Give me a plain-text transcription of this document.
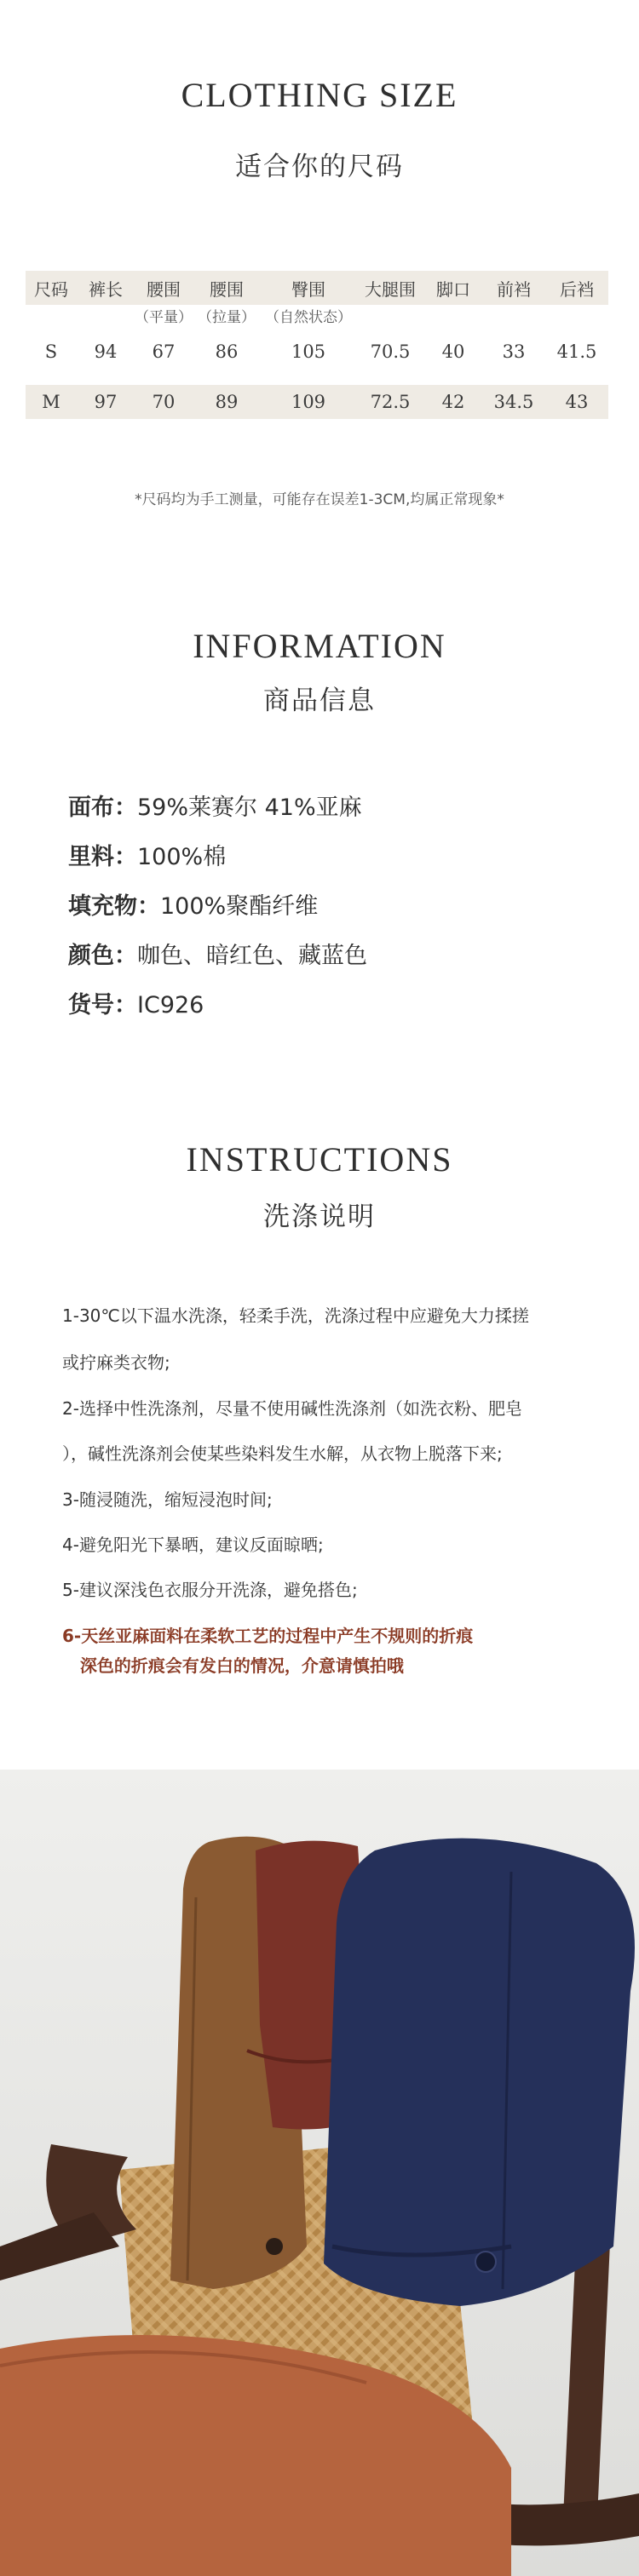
CLOTHING SIZE
适合你的尺码
尺码	裤长	腰围	腰围	臀围	大腿围	脚口	前裆	后裆
		（平量）	（拉量）	（自然状态）				
S	94	67	86	105	70.5	40	33	41.5

M	97	70	89	109	72.5	42	34.5	43
*尺码均为手工测量，可能存在误差1-3CM,均属正常现象*
INFORMATION
商品信息
面布：59%莱赛尔 41%亚麻
里料：100%棉
填充物：100%聚酯纤维
颜色：咖色、暗红色、藏蓝色
货号：IC926
INSTRUCTIONS
洗涤说明
1-30℃以下温水洗涤，轻柔手洗，洗涤过程中应避免大力揉搓
或拧麻类衣物;
2-选择中性洗涤剂，尽量不使用碱性洗涤剂（如洗衣粉、肥皂
），碱性洗涤剂会使某些染料发生水解，从衣物上脱落下来;
3-随浸随洗，缩短浸泡时间;
4-避免阳光下暴晒，建议反面晾晒;
5-建议深浅色衣服分开洗涤，避免搭色;
6-天丝亚麻面料在柔软工艺的过程中产生不规则的折痕
深色的折痕会有发白的情况，介意请慎拍哦
